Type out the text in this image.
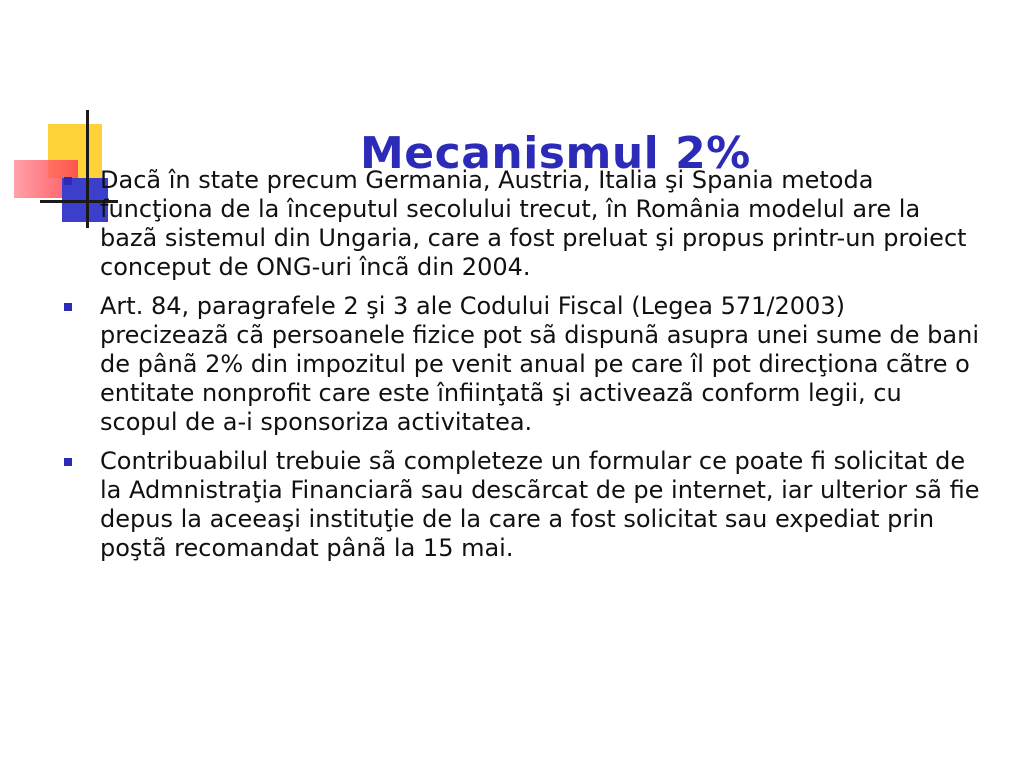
Mecanismul 2%
Dacã în state precum Germania, Austria, Italia şi Spania metoda funcţiona de la începutul secolului trecut, în România modelul are la bazã sistemul din Ungaria, care a fost preluat şi propus printr-un proiect conceput de ONG-uri încã din 2004.
Art. 84, paragrafele 2 şi 3 ale Codului Fiscal (Legea 571/2003) precizeazã cã persoanele fizice pot sã dispunã asupra unei sume de bani de pânã 2% din impozitul pe venit anual pe care îl pot direcţiona cãtre o entitate nonprofit care este înfiinţatã şi activeazã conform legii, cu scopul de a-i sponsoriza activitatea.
Contribuabilul trebuie sã completeze un formular ce poate fi solicitat de la Admnistraţia Financiarã sau descãrcat de pe internet, iar ulterior sã fie depus la aceeaşi instituţie de la care a fost solicitat sau expediat prin poştã recomandat pânã la 15 mai.
